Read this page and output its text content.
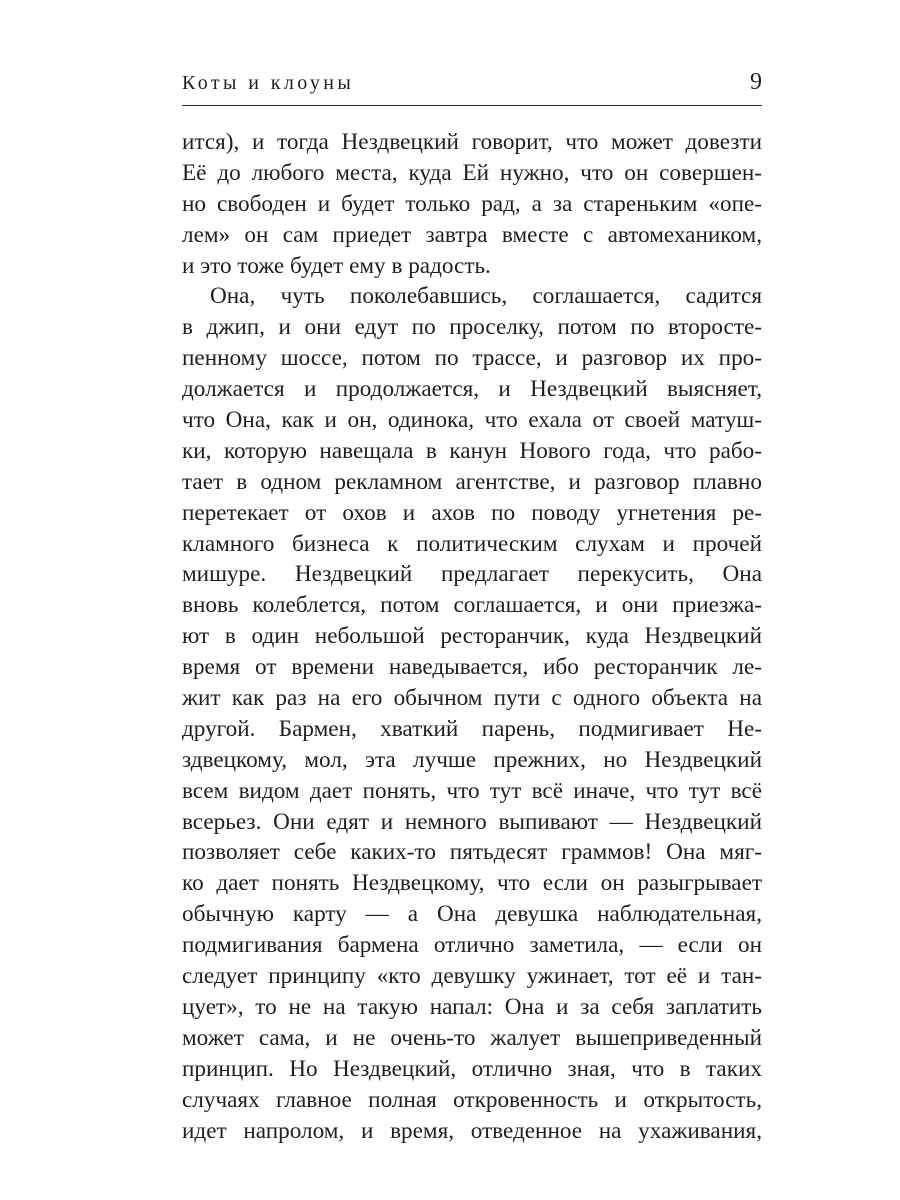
Коты и клоуны	9
ится), и тогда Нездвецкий говорит, что может довезти
Её до любого места, куда Ей нужно, что он совершен-
но свободен и будет только рад, а за стареньким «опе-
лем» он сам приедет завтра вместе с автомехаником,
и это тоже будет ему в радость.
Она, чуть поколебавшись, соглашается, садится
в джип, и они едут по проселку, потом по второсте-
пенному шоссе, потом по трассе, и разговор их про-
должается и продолжается, и Нездвецкий выясняет,
что Она, как и он, одинока, что ехала от своей матуш-
ки, которую навещала в канун Нового года, что рабо-
тает в одном рекламном агентстве, и разговор плавно
перетекает от охов и ахов по поводу угнетения ре-
кламного бизнеса к политическим слухам и прочей
мишуре. Нездвецкий предлагает перекусить, Она
вновь колеблется, потом соглашается, и они приезжа-
ют в один небольшой ресторанчик, куда Нездвецкий
время от времени наведывается, ибо ресторанчик ле-
жит как раз на его обычном пути с одного объекта на
другой. Бармен, хваткий парень, подмигивает Не-
здвецкому, мол, эта лучше прежних, но Нездвецкий
всем видом дает понять, что тут всё иначе, что тут всё
всерьез. Они едят и немного выпивают — Нездвецкий
позволяет себе каких-то пятьдесят граммов! Она мяг-
ко дает понять Нездвецкому, что если он разыгрывает
обычную карту — а Она девушка наблюдательная,
подмигивания бармена отлично заметила, — если он
следует принципу «кто девушку ужинает, тот её и тан-
цует», то не на такую напал: Она и за себя заплатить
может сама, и не очень-то жалует вышеприведенный
принцип. Но Нездвецкий, отлично зная, что в таких
случаях главное полная откровенность и открытость,
идет напролом, и время, отведенное на ухаживания,
